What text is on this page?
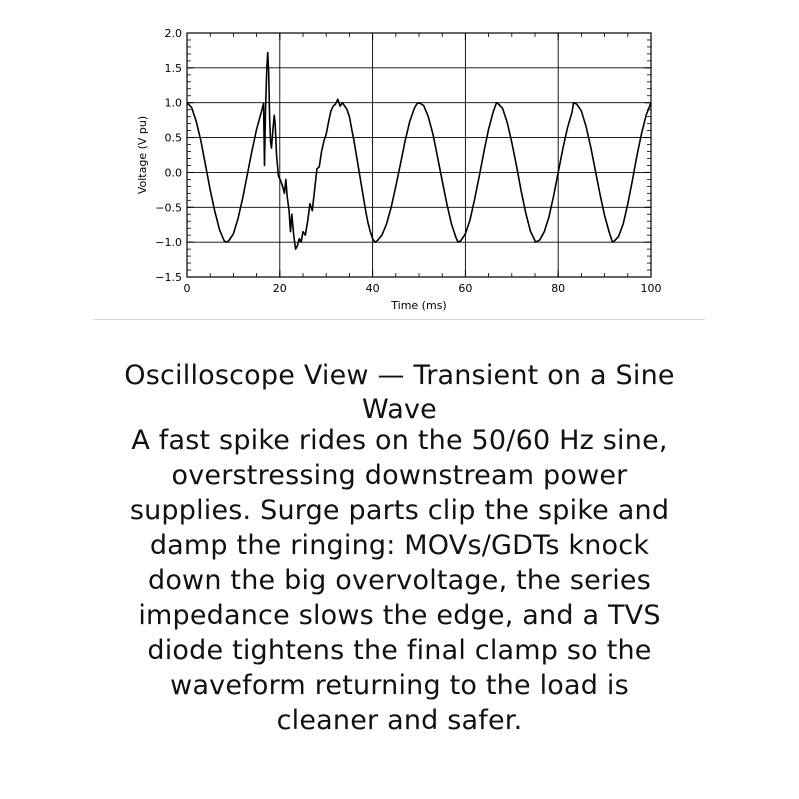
0	20	40	60	80	100
2.0
1.5
1.0
0.5
0.0
−0.5
−1.0
−1.5
Time (ms)
Voltage (V pu)
Oscilloscope View — Transient on a Sine Wave
A fast spike rides on the 50/60 Hz sine, overstressing downstream power supplies. Surge parts clip the spike and damp the ringing: MOVs/GDTs knock down the big overvoltage, the series impedance slows the edge, and a TVS diode tightens the final clamp so the waveform returning to the load is cleaner and safer.
